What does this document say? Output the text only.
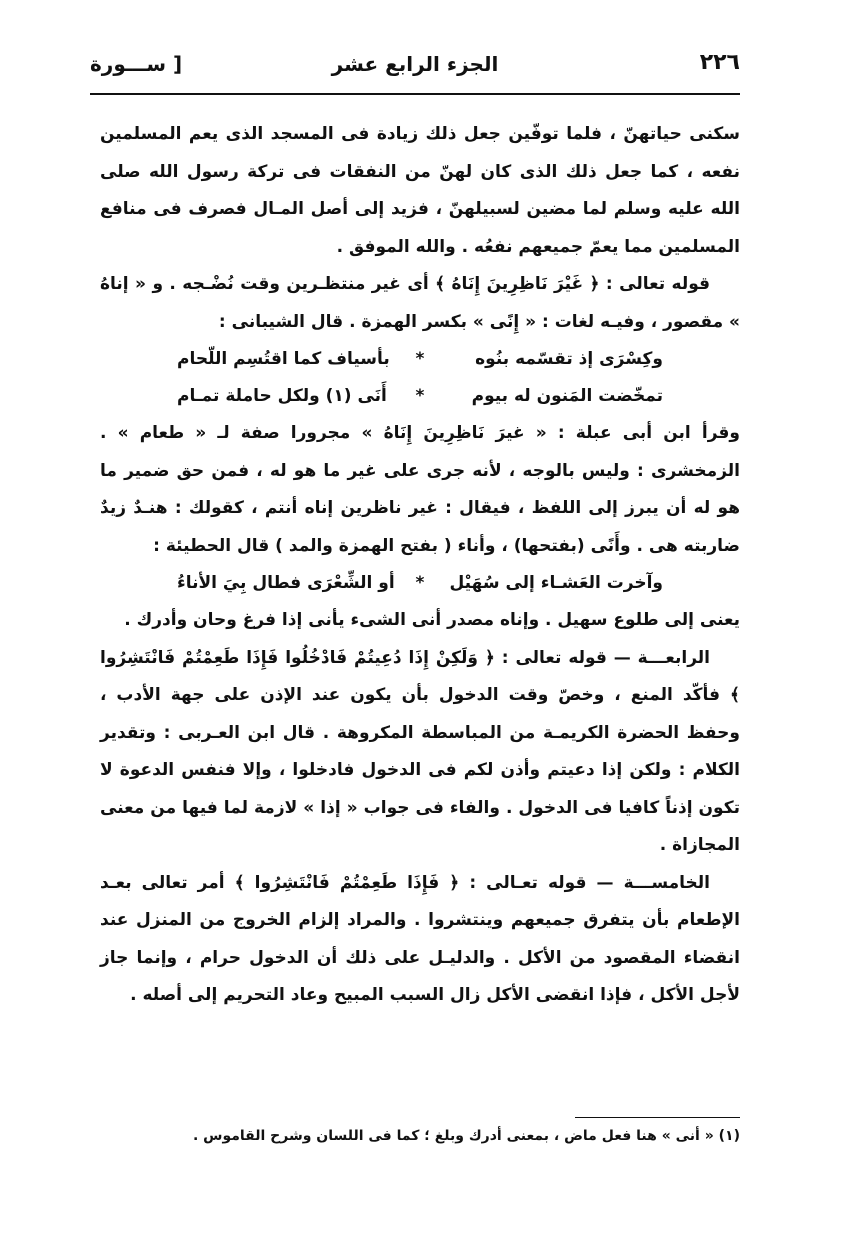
٢٢٦
الجزء الرابع عشر
[ ســـورة

سكنى حياتهنّ ، فلما توفّين جعل ذلك زيادة فى المسجد الذى يعم المسلمين نفعه ، كما جعل ذلك الذى كان لهنّ من النفقات فى تركة رسول الله صلى الله عليه وسلم لما مضين لسبيلهنّ ، فزيد إلى أصل المـال فصرف فى منافع المسلمين مما يعمّ جميعهم نفعُه . والله الموفق .

قوله تعالى : ﴿ غَيْرَ نَاظِرِينَ إِنَاهُ ﴾ أى غير منتظـرين وقت نُضْـجه . و « إناهُ » مقصور ، وفيـه لغات : « إِنًى » بكسر الهمزة . قال الشيبانى :

وكِسْرَى إذ تقسّمه بنُوه
*
بأسياف كما اقتُسِم اللّحام
تمخّضت المَنون له بيوم
*
أَنَى (١) ولكل حاملة تمـام

وقرأ ابن أبى عبلة : « غيرَ نَاظِرِينَ إِنَاهُ » مجرورا صفة لـ « طعام » . الزمخشرى : وليس بالوجه ، لأنه جرى على غير ما هو له ، فمن حق ضمير ما هو له أن يبرز إلى اللفظ ، فيقال : غير ناظرين إناه أنتم ، كقولك : هنـدٌ زيدٌ ضاربته هى . وأَنًى (بفتحها) ، وأناء ( بفتح الهمزة والمد ) قال الحطيئة :

وآخرت العَشـاء إلى سُهَيْل
*
أو الشِّعْرَى فطال بِيَ الأناءُ

يعنى إلى طلوع سهيل . وإناه مصدر أنى الشىء يأنى إذا فرغ وحان وأدرك .

الرابعـــة — قوله تعالى : ﴿ وَلَكِنْ إِذَا دُعِيتُمْ فَادْخُلُوا فَإِذَا طَعِمْتُمْ فَانْتَشِرُوا ﴾ فأكّد المنع ، وخصّ وقت الدخول بأن يكون عند الإذن على جهة الأدب ، وحفظ الحضرة الكريمـة من المباسطة المكروهة . قال ابن العـربى : وتقدير الكلام : ولكن إذا دعيتم وأذن لكم فى الدخول فادخلوا ، وإلا فنفس الدعوة لا تكون إذناً كافيا فى الدخول . والفاء فى جواب « إذا » لازمة لما فيها من معنى المجازاة .

الخامســـة — قوله تعـالى : ﴿ فَإِذَا طَعِمْتُمْ فَانْتَشِرُوا ﴾ أمر تعالى بعـد الإطعام بأن يتفرق جميعهم وينتشروا . والمراد إلزام الخروج من المنزل عند انقضاء المقصود من الأكل . والدليـل على ذلك أن الدخول حرام ، وإنما جاز لأجل الأكل ، فإذا انقضى الأكل زال السبب المبيح وعاد التحريم إلى أصله .

(١) « أنى » هنا فعل ماض ، بمعنى أدرك وبلغ ؛ كما فى اللسان وشرح القاموس .
